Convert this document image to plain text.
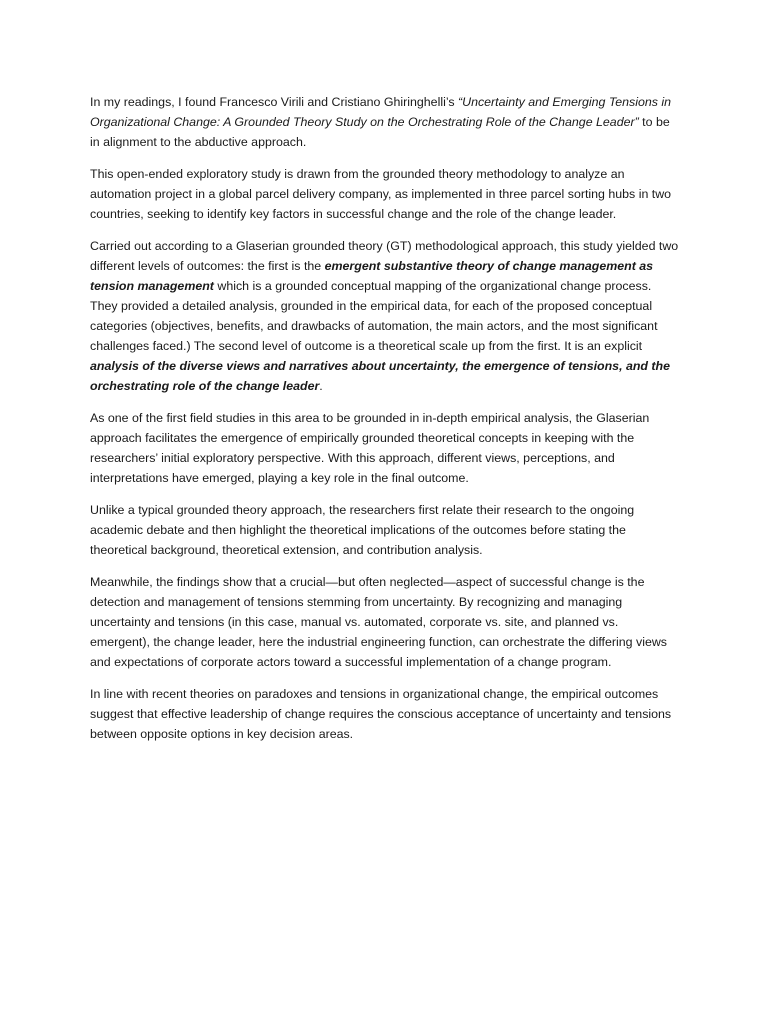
In my readings, I found Francesco Virili and Cristiano Ghiringhelli’s “Uncertainty and Emerging Tensions in Organizational Change: A Grounded Theory Study on the Orchestrating Role of the Change Leader” to be in alignment to the abductive approach.

This open-ended exploratory study is drawn from the grounded theory methodology to analyze an automation project in a global parcel delivery company, as implemented in three parcel sorting hubs in two countries, seeking to identify key factors in successful change and the role of the change leader.

Carried out according to a Glaserian grounded theory (GT) methodological approach, this study yielded two different levels of outcomes: the first is the emergent substantive theory of change management as tension management which is a grounded conceptual mapping of the organizational change process. They provided a detailed analysis, grounded in the empirical data, for each of the proposed conceptual categories (objectives, benefits, and drawbacks of automation, the main actors, and the most significant challenges faced.) The second level of outcome is a theoretical scale up from the first. It is an explicit analysis of the diverse views and narratives about uncertainty, the emergence of tensions, and the orchestrating role of the change leader.

As one of the first field studies in this area to be grounded in in-depth empirical analysis, the Glaserian approach facilitates the emergence of empirically grounded theoretical concepts in keeping with the researchers’ initial exploratory perspective. With this approach, different views, perceptions, and interpretations have emerged, playing a key role in the final outcome.

Unlike a typical grounded theory approach, the researchers first relate their research to the ongoing academic debate and then highlight the theoretical implications of the outcomes before stating the theoretical background, theoretical extension, and contribution analysis.

Meanwhile, the findings show that a crucial—but often neglected—aspect of successful change is the detection and management of tensions stemming from uncertainty. By recognizing and managing uncertainty and tensions (in this case, manual vs. automated, corporate vs. site, and planned vs. emergent), the change leader, here the industrial engineering function, can orchestrate the differing views and expectations of corporate actors toward a successful implementation of a change program.

In line with recent theories on paradoxes and tensions in organizational change, the empirical outcomes suggest that effective leadership of change requires the conscious acceptance of uncertainty and tensions between opposite options in key decision areas.
